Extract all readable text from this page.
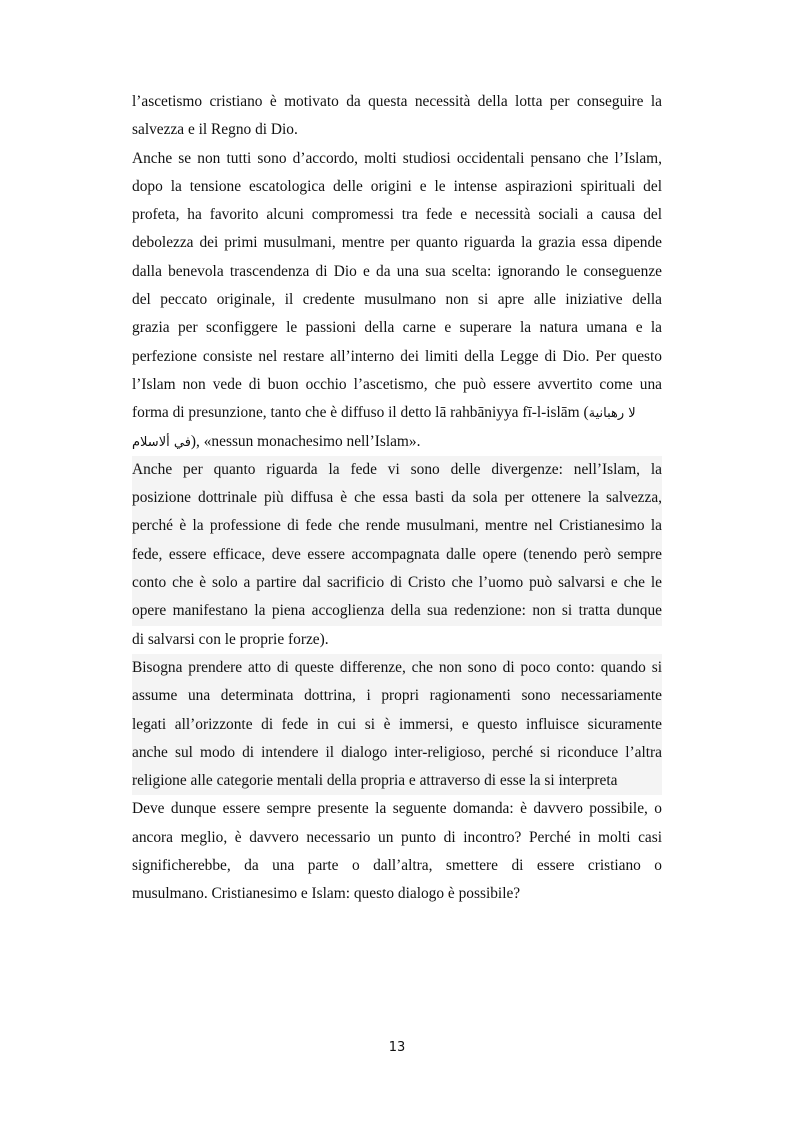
l’ascetismo cristiano è motivato da questa necessità della lotta per conseguire la
salvezza e il Regno di Dio.
Anche se non tutti sono d’accordo, molti studiosi occidentali pensano che l’Islam,
dopo la tensione escatologica delle origini e le intense aspirazioni spirituali del
profeta, ha favorito alcuni compromessi tra fede e necessità sociali a causa del
debolezza dei primi musulmani, mentre per quanto riguarda la grazia essa dipende
dalla benevola trascendenza di Dio e da una sua scelta: ignorando le conseguenze
del peccato originale, il credente musulmano non si apre alle iniziative della
grazia per sconfiggere le passioni della carne e superare la natura umana e la
perfezione consiste nel restare all’interno dei limiti della Legge di Dio. Per questo
l’Islam non vede di buon occhio l’ascetismo, che può essere avvertito come una
forma di presunzione, tanto che è diffuso il detto lā rahbāniyya fī-l-islām (لا رهبانية
في ألاسلام), «nessun monachesimo nell’Islam».
Anche per quanto riguarda la fede vi sono delle divergenze: nell’Islam, la
posizione dottrinale più diffusa è che essa basti da sola per ottenere la salvezza,
perché è la professione di fede che rende musulmani, mentre nel Cristianesimo la
fede, essere efficace, deve essere accompagnata dalle opere (tenendo però sempre
conto che è solo a partire dal sacrificio di Cristo che l’uomo può salvarsi e che le
opere manifestano la piena accoglienza della sua redenzione: non si tratta dunque
di salvarsi con le proprie forze).
Bisogna prendere atto di queste differenze, che non sono di poco conto: quando si
assume una determinata dottrina, i propri ragionamenti sono necessariamente
legati all’orizzonte di fede in cui si è immersi, e questo influisce sicuramente
anche sul modo di intendere il dialogo inter-religioso, perché si riconduce l’altra
religione alle categorie mentali della propria e attraverso di esse la si interpreta
Deve dunque essere sempre presente la seguente domanda: è davvero possibile, o
ancora meglio, è davvero necessario un punto di incontro? Perché in molti casi
significherebbe, da una parte o dall’altra, smettere di essere cristiano o
musulmano. Cristianesimo e Islam: questo dialogo è possibile?
13
